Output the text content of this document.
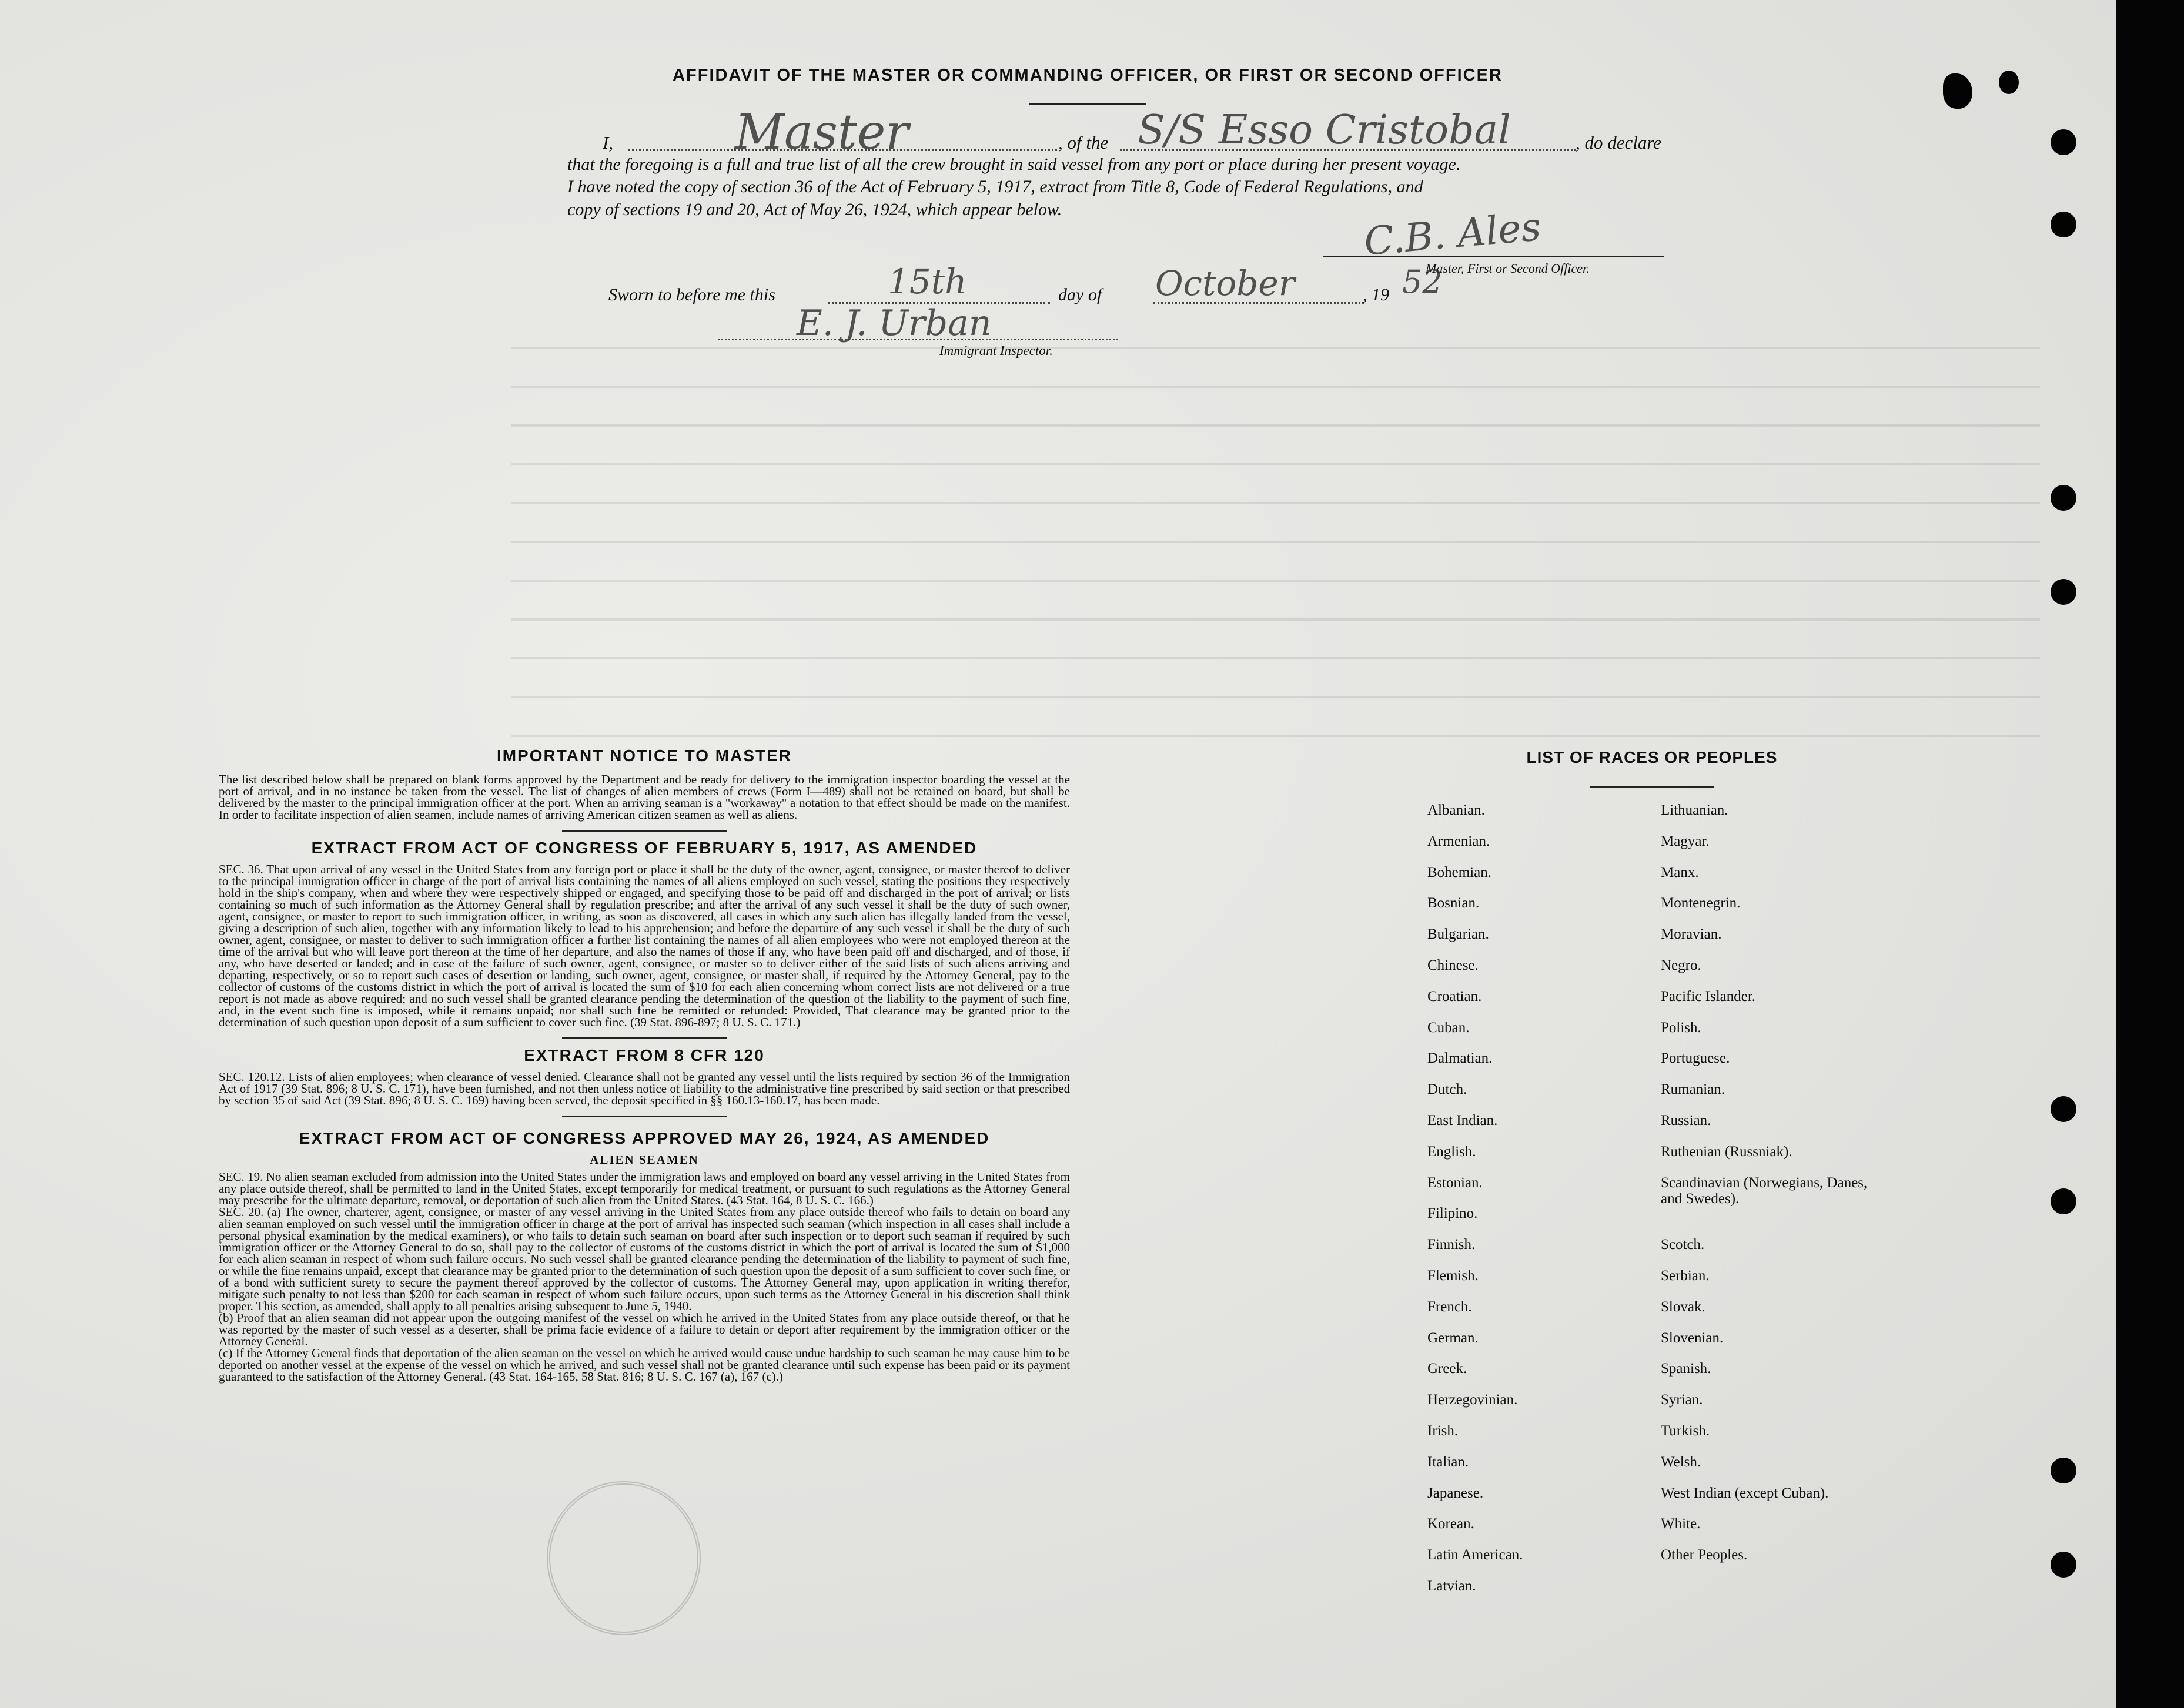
AFFIDAVIT OF THE MASTER OR COMMANDING OFFICER, OR FIRST OR SECOND OFFICER
I,	Master	, of the S/S Esso Cristobal	, do declare
that the foregoing is a full and true list of all the crew brought in said vessel from any port or place during her present voyage.
I have noted the copy of section 36 of the Act of February 5, 1917, extract from Title 8, Code of Federal Regulations, and
copy of sections 19 and 20, Act of May 26, 1924, which appear below.	C.B. Ales
Master, First or Second Officer.
Sworn to before me this	15th	day of October	, 19 52
E. J. Urban
Immigrant Inspector.
IMPORTANT NOTICE TO MASTER

The list described below shall be prepared on blank forms approved by the Department and be ready for delivery to the immigration inspector boarding the vessel at the port of arrival, and in no instance be taken from the vessel. The list of changes of alien members of crews (Form I—489) shall not be retained on board, but shall be delivered by the master to the principal immigration officer at the port. When an arriving seaman is a "workaway" a notation to that effect should be made on the manifest. In order to facilitate inspection of alien seamen, include names of arriving American citizen seamen as well as aliens.

EXTRACT FROM ACT OF CONGRESS OF FEBRUARY 5, 1917, AS AMENDED

SEC. 36. That upon arrival of any vessel in the United States from any foreign port or place it shall be the duty of the owner, agent, consignee, or master thereof to deliver to the principal immigration officer in charge of the port of arrival lists containing the names of all aliens employed on such vessel, stating the positions they respectively hold in the ship's company, when and where they were respectively shipped or engaged, and specifying those to be paid off and discharged in the port of arrival; or lists containing so much of such information as the Attorney General shall by regulation prescribe; and after the arrival of any such vessel it shall be the duty of such owner, agent, consignee, or master to report to such immigration officer, in writing, as soon as discovered, all cases in which any such alien has illegally landed from the vessel, giving a description of such alien, together with any information likely to lead to his apprehension; and before the departure of any such vessel it shall be the duty of such owner, agent, consignee, or master to deliver to such immigration officer a further list containing the names of all alien employees who were not employed thereon at the time of the arrival but who will leave port thereon at the time of her departure, and also the names of those if any, who have been paid off and discharged, and of those, if any, who have deserted or landed; and in case of the failure of such owner, agent, consignee, or master so to deliver either of the said lists of such aliens arriving and departing, respectively, or so to report such cases of desertion or landing, such owner, agent, consignee, or master shall, if required by the Attorney General, pay to the collector of customs of the customs district in which the port of arrival is located the sum of $10 for each alien concerning whom correct lists are not delivered or a true report is not made as above required; and no such vessel shall be granted clearance pending the determination of the question of the liability to the payment of such fine, and, in the event such fine is imposed, while it remains unpaid; nor shall such fine be remitted or refunded: Provided, That clearance may be granted prior to the determination of such question upon deposit of a sum sufficient to cover such fine. (39 Stat. 896-897; 8 U. S. C. 171.)

EXTRACT FROM 8 CFR 120

SEC. 120.12. Lists of alien employees; when clearance of vessel denied. Clearance shall not be granted any vessel until the lists required by section 36 of the Immigration Act of 1917 (39 Stat. 896; 8 U. S. C. 171), have been furnished, and not then unless notice of liability to the administrative fine prescribed by said section or that prescribed by section 35 of said Act (39 Stat. 896; 8 U. S. C. 169) having been served, the deposit specified in §§ 160.13-160.17, has been made.

EXTRACT FROM ACT OF CONGRESS APPROVED MAY 26, 1924, AS AMENDED
ALIEN SEAMEN

SEC. 19. No alien seaman excluded from admission into the United States under the immigration laws and employed on board any vessel arriving in the United States from any place outside thereof, shall be permitted to land in the United States, except temporarily for medical treatment, or pursuant to such regulations as the Attorney General may prescribe for the ultimate departure, removal, or deportation of such alien from the United States. (43 Stat. 164, 8 U. S. C. 166.)

SEC. 20. (a) The owner, charterer, agent, consignee, or master of any vessel arriving in the United States from any place outside thereof who fails to detain on board any alien seaman employed on such vessel until the immigration officer in charge at the port of arrival has inspected such seaman (which inspection in all cases shall include a personal physical examination by the medical examiners), or who fails to detain such seaman on board after such inspection or to deport such seaman if required by such immigration officer or the Attorney General to do so, shall pay to the collector of customs of the customs district in which the port of arrival is located the sum of $1,000 for each alien seaman in respect of whom such failure occurs. No such vessel shall be granted clearance pending the determination of the liability to payment of such fine, or while the fine remains unpaid, except that clearance may be granted prior to the determination of such question upon the deposit of a sum sufficient to cover such fine, or of a bond with sufficient surety to secure the payment thereof approved by the collector of customs. The Attorney General may, upon application in writing therefor, mitigate such penalty to not less than $200 for each seaman in respect of whom such failure occurs, upon such terms as the Attorney General in his discretion shall think proper. This section, as amended, shall apply to all penalties arising subsequent to June 5, 1940.

(b) Proof that an alien seaman did not appear upon the outgoing manifest of the vessel on which he arrived in the United States from any place outside thereof, or that he was reported by the master of such vessel as a deserter, shall be prima facie evidence of a failure to detain or deport after requirement by the immigration officer or the Attorney General.

(c) If the Attorney General finds that deportation of the alien seaman on the vessel on which he arrived would cause undue hardship to such seaman he may cause him to be deported on another vessel at the expense of the vessel on which he arrived, and such vessel shall not be granted clearance until such expense has been paid or its payment guaranteed to the satisfaction of the Attorney General. (43 Stat. 164-165, 58 Stat. 816; 8 U. S. C. 167 (a), 167 (c).)

LIST OF RACES OR PEOPLES
Albanian.
Armenian.
Bohemian.
Bosnian.
Bulgarian.
Chinese.
Croatian.
Cuban.
Dalmatian.
Dutch.
East Indian.
English.
Estonian.
Filipino.
Finnish.
Flemish.
French.
German.
Greek.
Herzegovinian.
Irish.
Italian.
Japanese.
Korean.
Latin American.
Latvian.
Lithuanian.
Magyar.
Manx.
Montenegrin.
Moravian.
Negro.
Pacific Islander.
Polish.
Portuguese.
Rumanian.
Russian.
Ruthenian (Russniak).
Scandinavian (Norwegians, Danes, and Swedes).
Scotch.
Serbian.
Slovak.
Slovenian.
Spanish.
Syrian.
Turkish.
Welsh.
West Indian (except Cuban).
White.
Other Peoples.
